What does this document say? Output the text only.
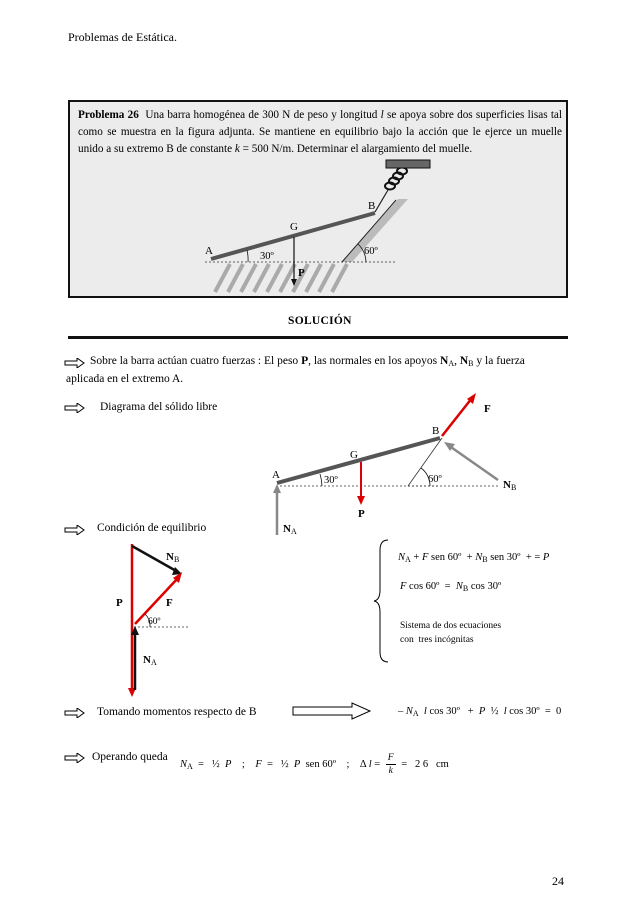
Problemas de Estática.
Problema 26 Una barra homogénea de 300 N de peso y longitud l se apoya sobre dos superficies lisas tal como se muestra en la figura adjunta. Se mantiene en equilibrio bajo la acción que le ejerce un muelle unido a su extremo B de constante k = 500 N/m. Determinar el alargamiento del muelle.
A
B
G
P
30º	60º
SOLUCIÓN
Sobre la barra actúan cuatro fuerzas : El peso P, las normales en los apoyos $N_A$, $N_B$ y la fuerza
aplicada en el extremo A.
Diagrama del sólido libre
A
B
G
P
F
30º	60º	NB
NA
Condición de equilibrio
NB
P	F
60º
NA
$N_A + F$ sen 60º  + $N_B$ sen 30º  + = P
F cos 60º  =  $N_B$ cos 30º
Sistema de dos ecuaciones
con  tres incógnitas
Tomando momentos respecto de B	– $N_A$ l cos 30º   +  P  ½  l cos 30º  =  0
Operando queda
$N_A$  =   ½  P    ;    F  =   ½  P  sen 60º    ;    Δ $l = \frac{F}{k} = 2$ 6   cm
24
